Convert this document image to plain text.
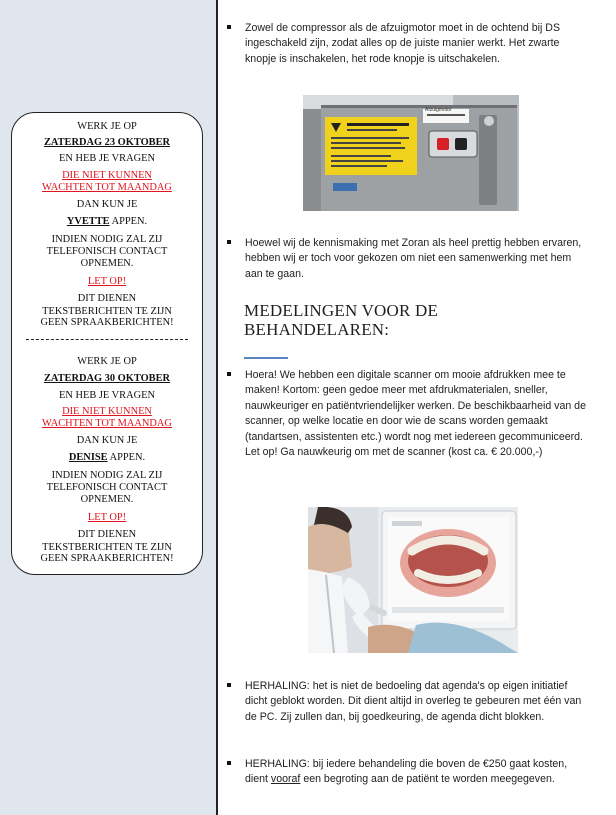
WERK JE OP
ZATERDAG 23 OKTOBER
EN HEB JE VRAGEN
DIE NIET KUNNEN
WACHTEN TOT MAANDAG
DAN KUN JE
YVETTE APPEN.
INDIEN NODIG ZAL ZIJ
TELEFONISCH CONTACT
OPNEMEN.
LET OP!
DIT DIENEN
TEKSTBERICHTEN TE ZIJN
GEEN SPRAAKBERICHTEN!
WERK JE OP
ZATERDAG 30 OKTOBER
EN HEB JE VRAGEN
DIE NIET KUNNEN
WACHTEN TOT MAANDAG
DAN KUN JE
DENISE APPEN.
INDIEN NODIG ZAL ZIJ
TELEFONISCH CONTACT
OPNEMEN.
LET OP!
DIT DIENEN
TEKSTBERICHTEN TE ZIJN
GEEN SPRAAKBERICHTEN!
Zowel de compressor als de afzuigmotor moet in de ochtend bij DS ingeschakeld zijn, zodat alles op de juiste manier werkt. Het zwarte knopje is inschakelen, het rode knopje is uitschakelen.
Afzuigmotor
Hoewel wij de kennismaking met Zoran als heel prettig hebben ervaren, hebben wij er toch voor gekozen om niet een samenwerking met hem aan te gaan.
MEDELINGEN VOOR DE BEHANDELAREN:
Hoera! We hebben een digitale scanner om mooie afdrukken mee te maken! Kortom: geen gedoe meer met afdrukmaterialen, sneller, nauwkeuriger en patiëntvriendelijker werken. De beschikbaarheid van de scanner, op welke locatie en door wie de scans worden gemaakt (tandartsen, assistenten etc.) wordt nog met iedereen gecommuniceerd. Let op! Ga nauwkeurig om met de scanner (kost ca. € 20.000,-)
HERHALING: het is niet de bedoeling dat agenda's op eigen initiatief dicht geblokt worden. Dit dient altijd in overleg te gebeuren met één van de PC. Zij zullen dan, bij goedkeuring, de agenda dicht blokken.
HERHALING: bij iedere behandeling die boven de €250 gaat kosten, dient vooraf een begroting aan de patiënt te worden meegegeven.
